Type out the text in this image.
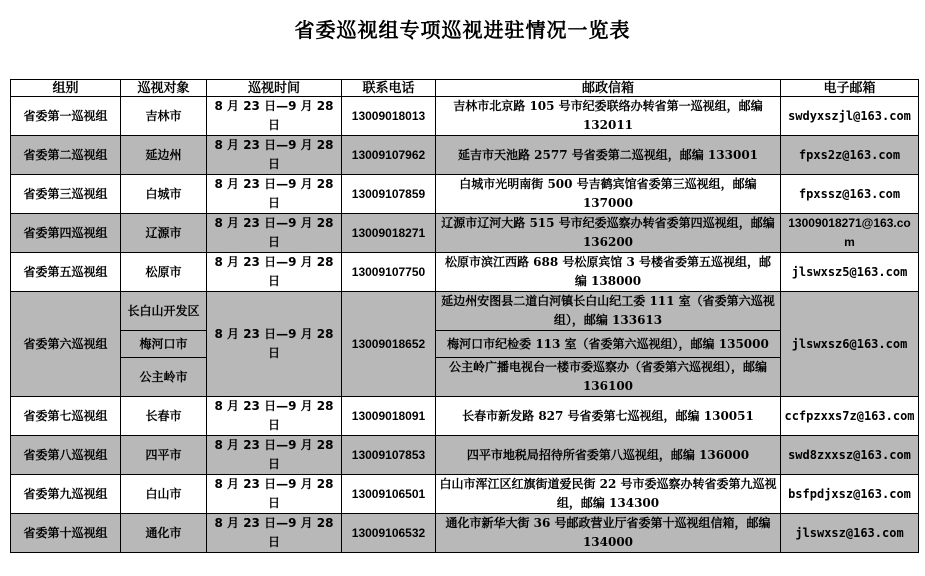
省委巡视组专项巡视进驻情况一览表
组别	巡视对象	巡视时间	联系电话	邮政信箱	电子邮箱
省委第一巡视组	吉林市	8 月 23 日—9 月 28 日	13009018013	吉林市北京路 105 号市纪委联络办转省第一巡视组，邮编 132011	swdyxszjl@163.com
省委第二巡视组	延边州	8 月 23 日—9 月 28 日	13009107962	延吉市天池路 2577 号省委第二巡视组，邮编 133001	fpxs2z@163.com
省委第三巡视组	白城市	8 月 23 日—9 月 28 日	13009107859	白城市光明南街 500 号吉鹤宾馆省委第三巡视组，邮编 137000	fpxssz@163.com
省委第四巡视组	辽源市	8 月 23 日—9 月 28 日	13009018271	辽源市辽河大路 515 号市纪委巡察办转省委第四巡视组，邮编 136200	13009018271@163.com
省委第五巡视组	松原市	8 月 23 日—9 月 28 日	13009107750	松原市滨江西路 688 号松原宾馆 3 号楼省委第五巡视组，邮编 138000	jlswxsz5@163.com
省委第六巡视组	长白山开发区	8 月 23 日—9 月 28 日	13009018652	延边州安图县二道白河镇长白山纪工委 111 室（省委第六巡视组），邮编 133613	jlswxsz6@163.com
	梅河口市			梅河口市纪检委 113 室（省委第六巡视组），邮编 135000	
	公主岭市			公主岭广播电视台一楼市委巡察办（省委第六巡视组），邮编 136100	
省委第七巡视组	长春市	8 月 23 日—9 月 28 日	13009018091	长春市新发路 827 号省委第七巡视组，邮编 130051	ccfpzxxs7z@163.com
省委第八巡视组	四平市	8 月 23 日—9 月 28 日	13009107853	四平市地税局招待所省委第八巡视组，邮编 136000	swd8zxxsz@163.com
省委第九巡视组	白山市	8 月 23 日—9 月 28 日	13009106501	白山市浑江区红旗街道爱民街 22 号市委巡察办转省委第九巡视组，邮编 134300	bsfpdjxsz@163.com
省委第十巡视组	通化市	8 月 23 日—9 月 28 日	13009106532	通化市新华大街 36 号邮政营业厅省委第十巡视组信箱，邮编 134000	jlswxsz@163.com
